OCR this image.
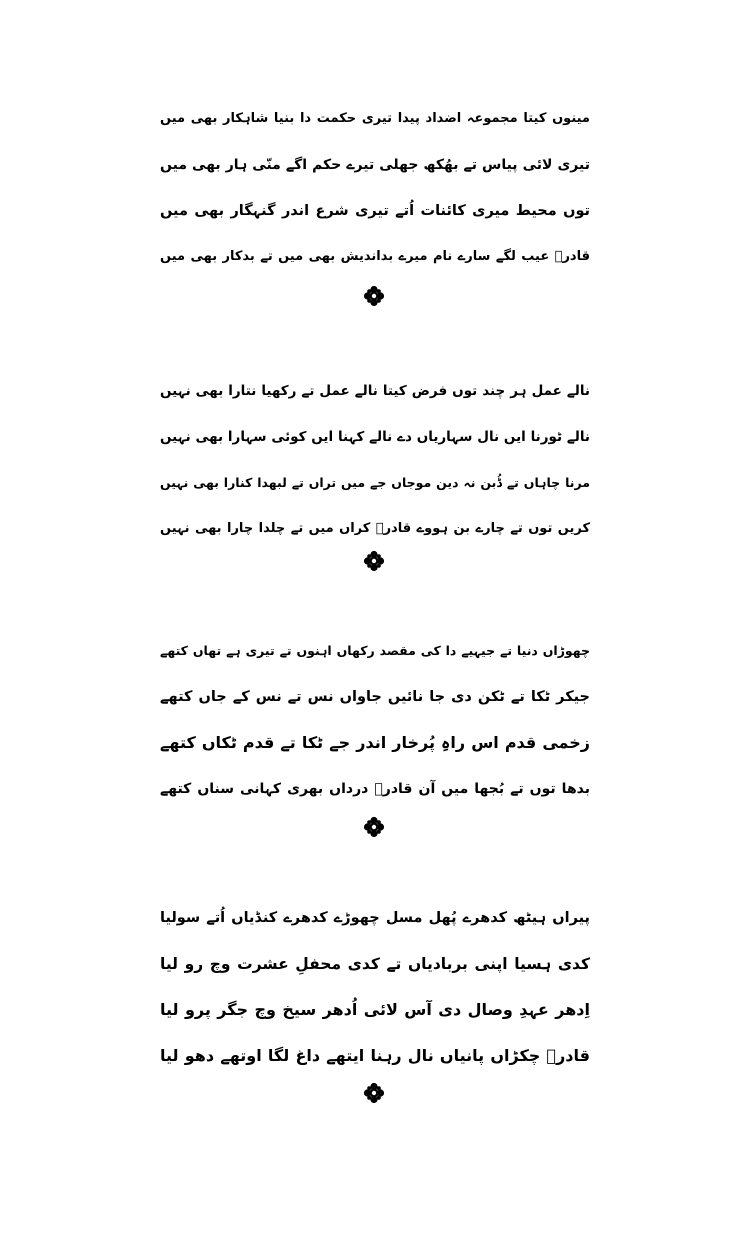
مینوں کیتا مجموعہ اضداد پیدا تیری حکمت دا بنیا شاہکار بھی میں
تیری لائی پیاس تے بھُکھ جھلی تیرے حکم اگے منّی ہار بھی میں
توں محیط میری کائنات اُتے تیری شرع اندر گنہگار بھی میں
قادرؔ عیب لگے سارے نام میرے بداندیش بھی میں تے بدکار بھی میں
نالے عمل ہر چند توں فرض کیتا نالے عمل تے رکھیا نتارا بھی نہیں
نالے ٹورنا ایں نال سہاریاں دے نالے کہنا ایں کوئی سہارا بھی نہیں
مرنا چاہاں تے ڈُبن نہ دین موجاں جے میں تراں تے لبھدا کنارا بھی نہیں
کریں توں تے چارے بن ہووے قادرؔ کراں میں تے چلدا چارا بھی نہیں
چھوڑاں دنیا تے جیہیے دا کی مقصد رکھاں اہنوں تے تیری ہے تھاں کتھے
جیکر ٹکا تے ٹکن دی جا نائیں جاواں نس تے نس کے جاں کتھے
زخمی قدم اس راہِ پُرخار اندر جے ٹکا تے قدم ٹکاں کتھے
بدھا توں تے بُجھا میں آن قادرؔ درداں بھری کہانی سناں کتھے
پیراں ہیٹھ کدھرے پُھل مسل چھوڑے کدھرے کنڈیاں اُتے سولیا
کدی ہسیا اپنی بربادیاں تے کدی محفلِ عشرت وچ رو لیا
اِدھر عہدِ وصال دی آس لائی اُدھر سیخ وچ جگر پرو لیا
قادرؔ چکڑاں پانیاں نال رہنا ایتھے داغ لگا اوتھے دھو لیا
